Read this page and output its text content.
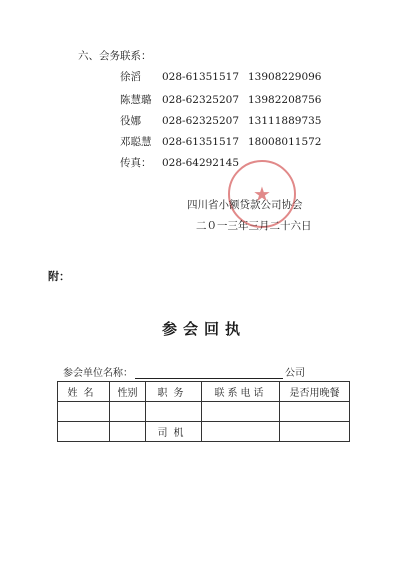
六、会务联系：
徐滔 028-61351517 13908229096
陈慧璐 028-62325207 13982208756
役娜 028-62325207 13111889735
邓聪慧 028-61351517 18008011572
传真： 028-64292145
★
四川省小额贷款公司协会
二０一三年三月二十六日
附：
参会回执
参会单位名称：	公司
姓名	性别	职务	联系电话	是否用晚餐

		司机		
